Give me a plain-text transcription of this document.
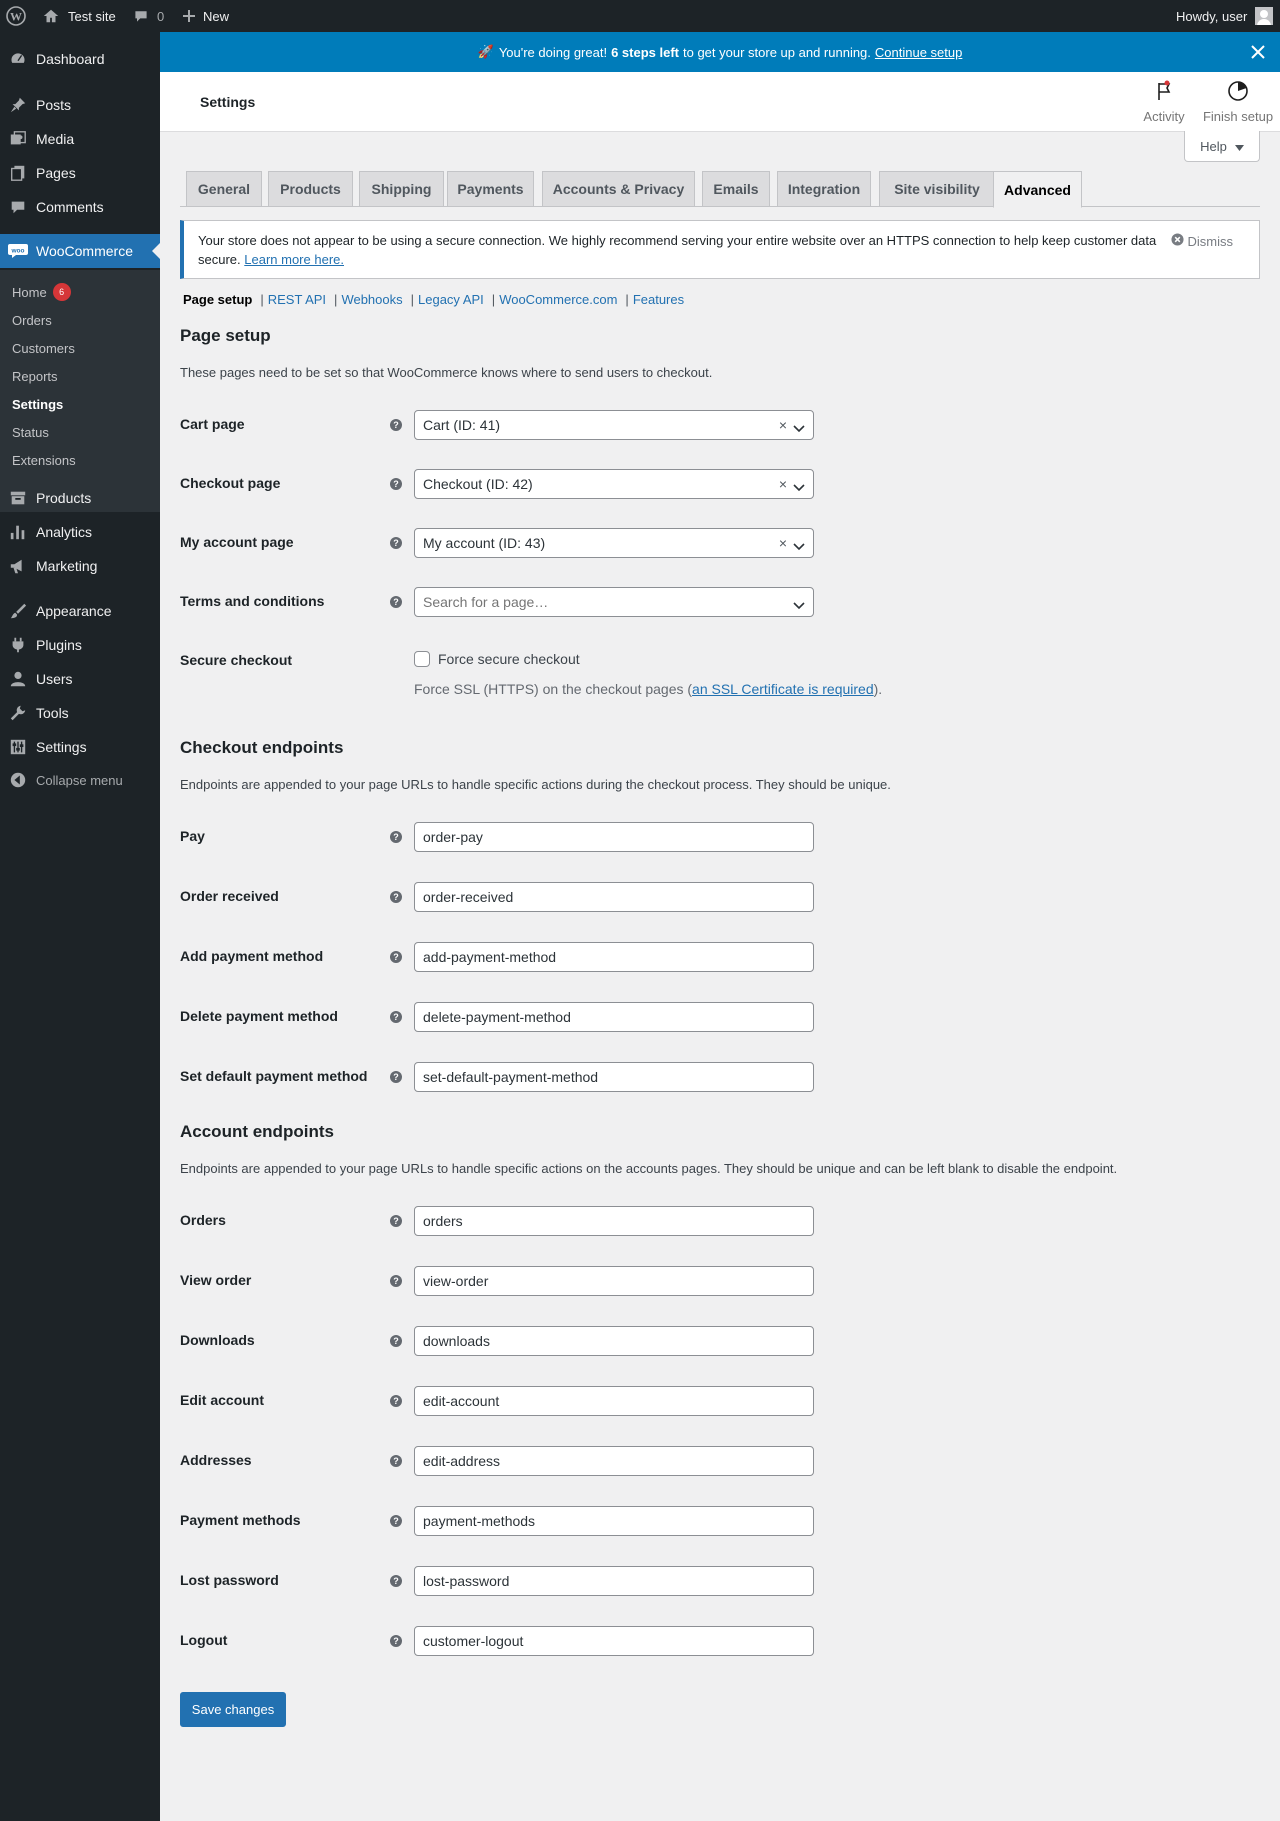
W	Test site	0	New	Howdy, user
Dashboard
Posts
Media
Pages
Comments
woo WooCommerce
Home	6
Orders
Customers
Reports
Settings
Status
Extensions
Products
Analytics
Marketing
Appearance
Plugins
Users
Tools
Settings
Collapse menu
🚀 You're doing great! 6 steps left to get your store up and running. Continue setup
Settings
Activity Finish setup
Help
General	Products	Shipping	Payments	Accounts & Privacy	Emails	Integration	Site visibility	Advanced
Your store does not appear to be using a secure connection. We highly recommend serving your entire website over an HTTPS connection to help keep customer data secure. Learn more here.
Dismiss
Page setup | REST API | Webhooks | Legacy API | WooCommerce.com | Features
Page setup
These pages need to be set so that WooCommerce knows where to send users to checkout.
Cart page	? Cart (ID: 41)	×
Checkout page	? Checkout (ID: 42)	×
My account page	? My account (ID: 43)	×
Terms and conditions	? Search for a page…
Secure checkout	Force secure checkout
Force SSL (HTTPS) on the checkout pages (an SSL Certificate is required).
Checkout endpoints
Endpoints are appended to your page URLs to handle specific actions during the checkout process. They should be unique.
Pay	?	order-pay
Order received	?	order-received
Add payment method	?	add-payment-method
Delete payment method	?	delete-payment-method
Set default payment method	?	set-default-payment-method
Account endpoints
Endpoints are appended to your page URLs to handle specific actions on the accounts pages. They should be unique and can be left blank to disable the endpoint.
Orders	?	orders
View order	?	view-order
Downloads	?	downloads
Edit account	?	edit-account
Addresses	?	edit-address
Payment methods	?	payment-methods
Lost password	?	lost-password
Logout	?	customer-logout
Save changes
